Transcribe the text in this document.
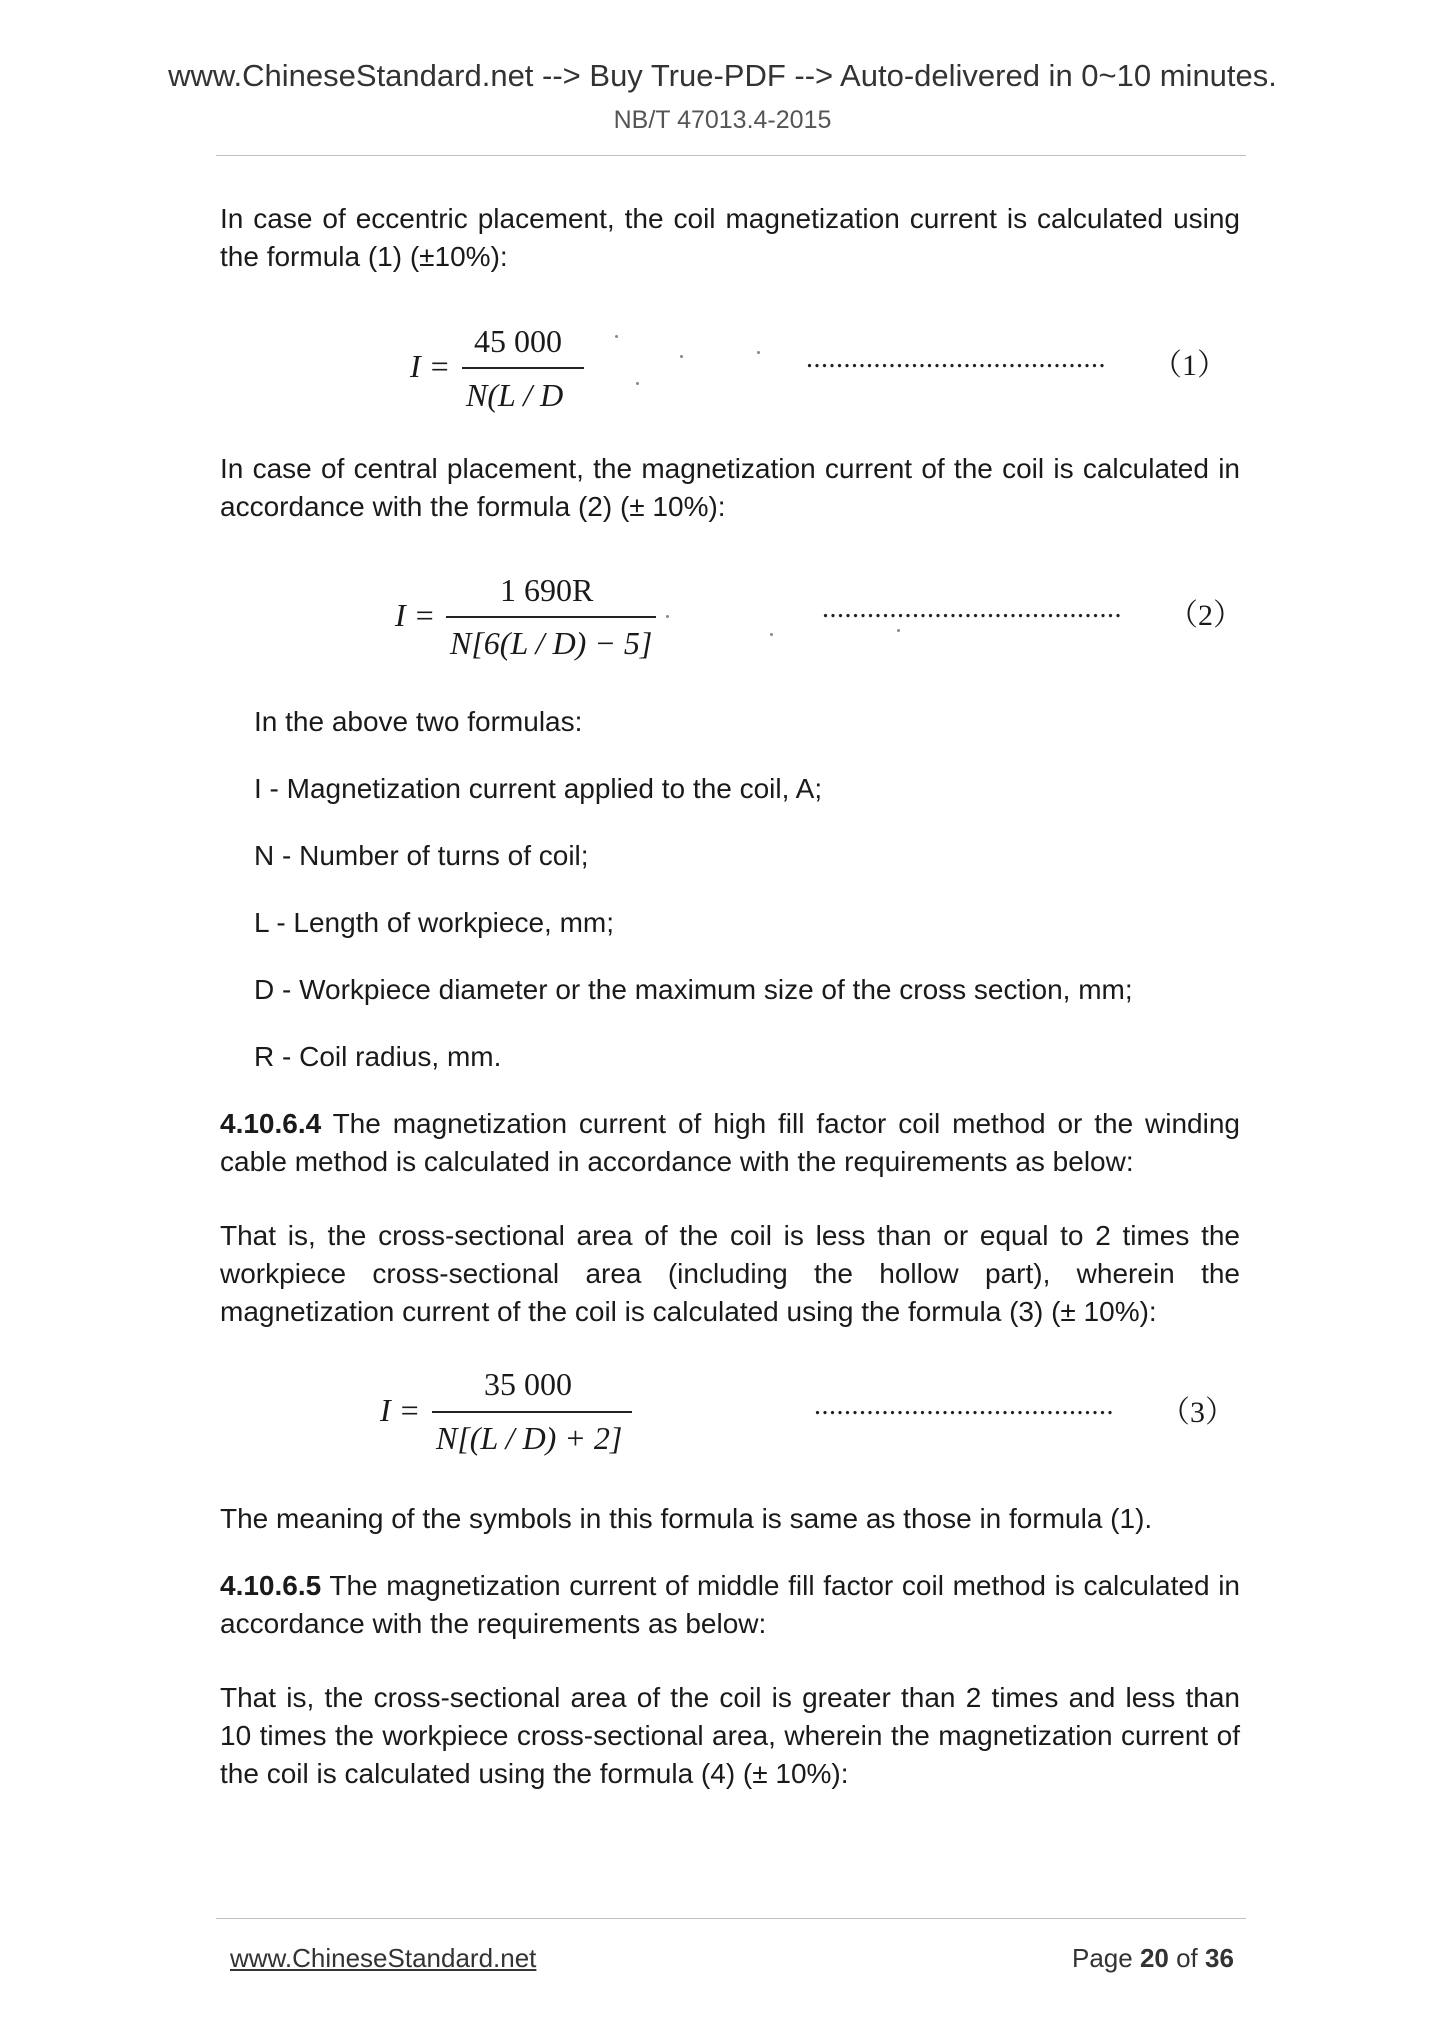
www.ChineseStandard.net --> Buy True-PDF --> Auto-delivered in 0~10 minutes.
NB/T 47013.4-2015
In case of eccentric placement, the coil magnetization current is calculated using the formula (1) (±10%):
I =
45 000
N(L / D
........................................ （1）
In case of central placement, the magnetization current of the coil is calculated in accordance with the formula (2) (± 10%):
I =
1 690R
N[6(L / D) − 5]
........................................ （2）
In the above two formulas:
I - Magnetization current applied to the coil, A;
N - Number of turns of coil;
L - Length of workpiece, mm;
D - Workpiece diameter or the maximum size of the cross section, mm;
R - Coil radius, mm.
4.10.6.4 The magnetization current of high fill factor coil method or the winding cable method is calculated in accordance with the requirements as below:
That is, the cross-sectional area of the coil is less than or equal to 2 times the workpiece cross-sectional area (including the hollow part), wherein the magnetization current of the coil is calculated using the formula (3) (± 10%):
I =
35 000
N[(L / D) + 2]
........................................ （3）
The meaning of the symbols in this formula is same as those in formula (1).
4.10.6.5 The magnetization current of middle fill factor coil method is calculated in accordance with the requirements as below:
That is, the cross-sectional area of the coil is greater than 2 times and less than 10 times the workpiece cross-sectional area, wherein the magnetization current of the coil is calculated using the formula (4) (± 10%):
www.ChineseStandard.net	Page 20 of 36
